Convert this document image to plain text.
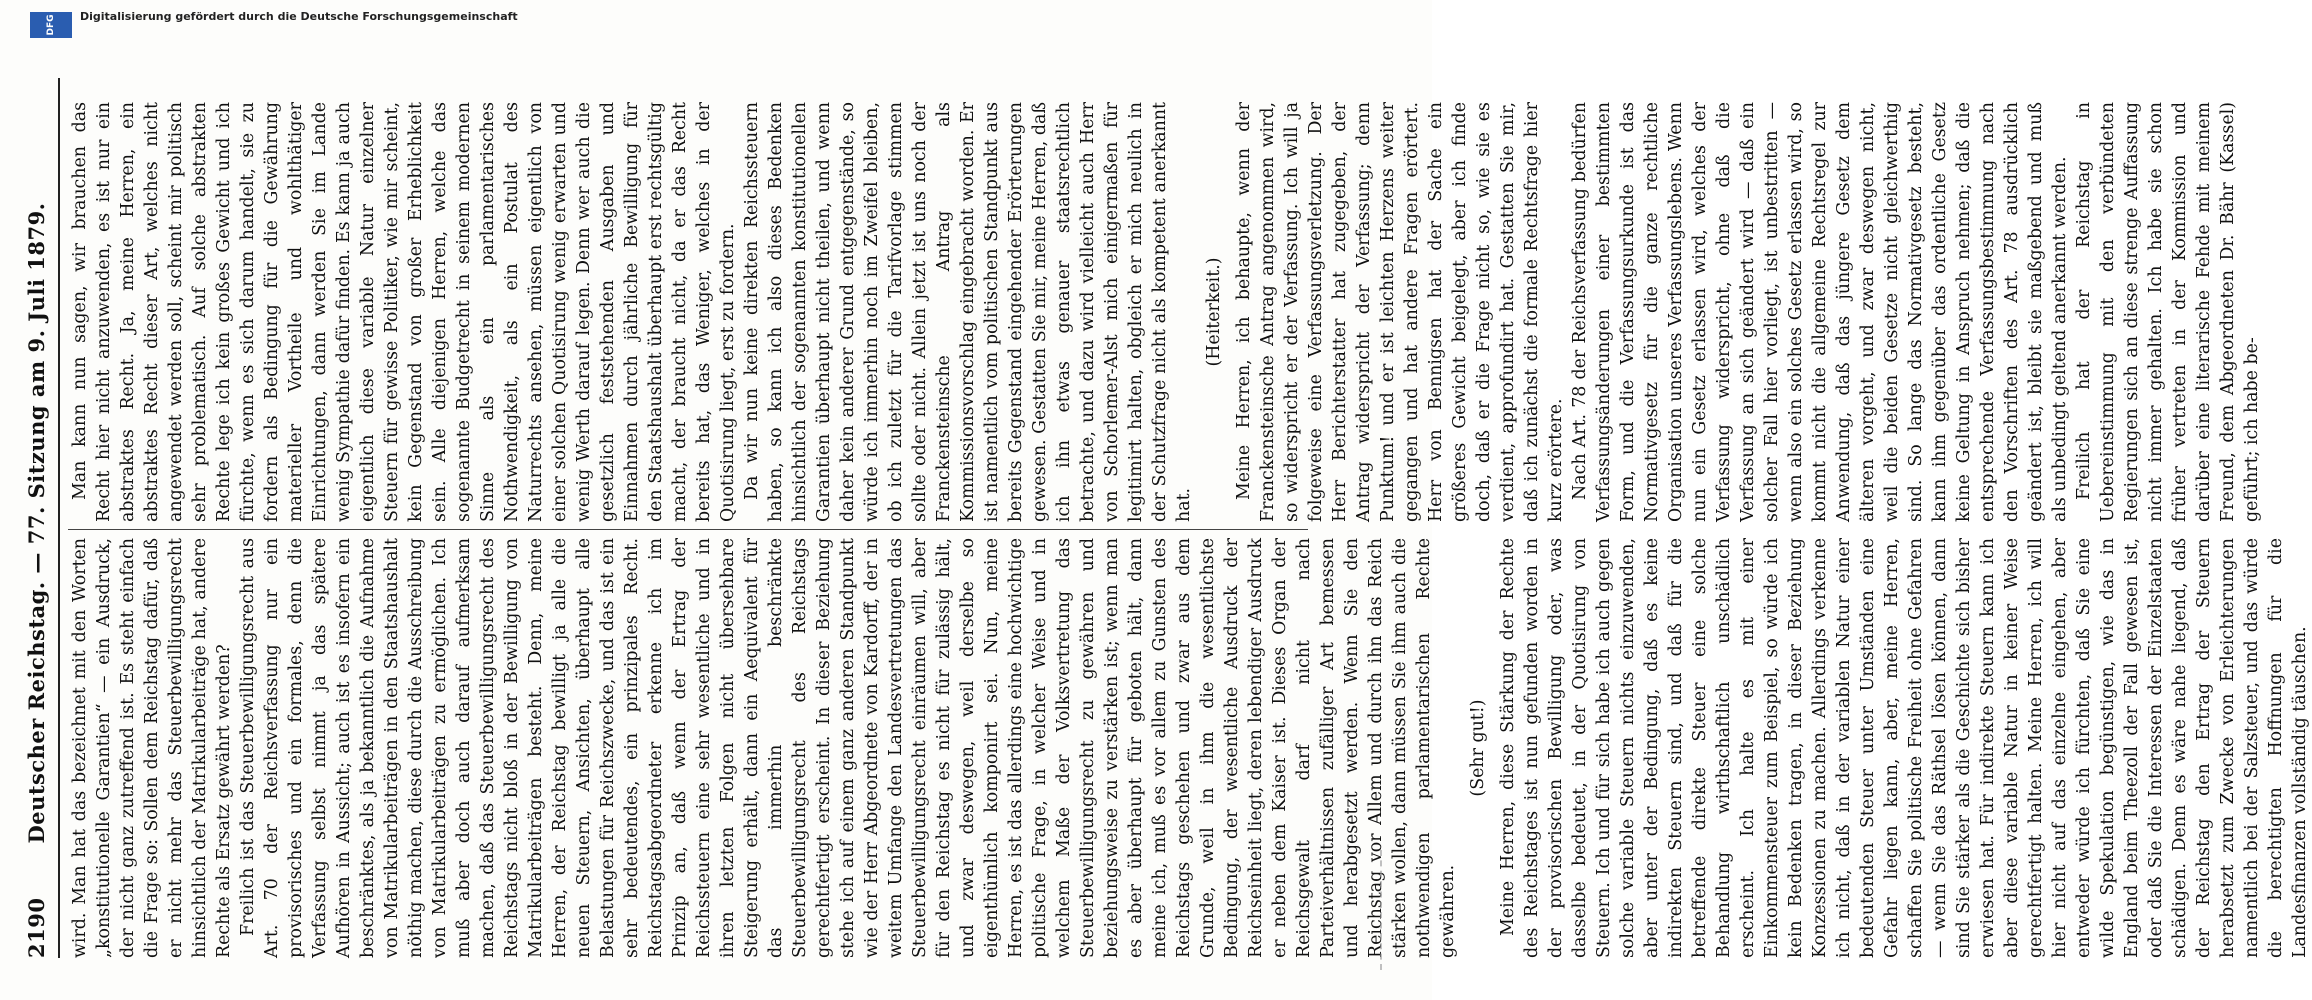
2190
Deutscher Reichstag. — 77. Sitzung am 9. Juli 1879. wird. Man hat das bezeichnet mit den Worten „konstitutionelle Garantien“ — ein Ausdruck, der nicht ganz zutreffend ist. Es steht einfach die Frage so: Sollen dem Reichstag dafür, daß er nicht mehr das Steuerbewilligungsrecht hinsichtlich der Matrikularbeiträge hat, andere Rechte als Ersatz gewährt werden? Freilich ist das Steuerbewilligungsrecht aus Art. 70 der Reichsverfassung nur ein provisorisches und ein formales, denn die Verfassung selbst nimmt ja das spätere Aufhören in Aussicht; auch ist es insofern ein beschränktes, als ja bekanntlich die Aufnahme von Matrikularbeiträgen in den Staatshaushalt nöthig machen, diese durch die Ausschreibung von Matrikularbeiträgen zu ermöglichen. Ich muß aber doch auch darauf aufmerksam machen, daß das Steuerbewilligungsrecht des Reichstags nicht bloß in der Bewilligung von Matrikularbeiträgen besteht. Denn, meine Herren, der Reichstag bewilligt ja alle die neuen Steuern, Ansichten, überhaupt alle Belastungen für Reichszwecke, und das ist ein sehr bedeutendes, ein prinzipales Recht. Reichstagsabgeordneter erkenne ich im Prinzip an, daß wenn der Ertrag der Reichssteuern eine sehr wesentliche und in ihren letzten Folgen nicht übersehbare Steigerung erhält, dann ein Aequivalent für das immerhin beschränkte Steuerbewilligungsrecht des Reichstags gerechtfertigt erscheint. In dieser Beziehung stehe ich auf einem ganz anderen Standpunkt wie der Herr Abgeordnete von Kardorff, der in weitem Umfange den Landesvertretungen das Steuerbewilligungsrecht einräumen will, aber für den Reichstag es nicht für zulässig hält, und zwar deswegen, weil derselbe so eigenthümlich komponirt sei. Nun, meine Herren, es ist das allerdings eine hochwichtige politische Frage, in welcher Weise und in welchem Maße der Volksvertretung das Steuerbewilligungsrecht zu gewähren und beziehungsweise zu verstärken ist; wenn man es aber überhaupt für geboten hält, dann meine ich, muß es vor allem zu Gunsten des Reichstags geschehen und zwar aus dem Grunde, weil in ihm die wesentlichste Bedingung, der wesentliche Ausdruck der Reichseinheit liegt, deren lebendiger Ausdruck er neben dem Kaiser ist. Dieses Organ der Reichsgewalt darf nicht nach Parteiverhältnissen zufälliger Art bemessen und herabgesetzt werden. Wenn Sie den Reichstag vor Allem und durch ihn das Reich stärken wollen, dann müssen Sie ihm auch die nothwendigen parlamentarischen Rechte gewähren.

(Sehr gut!) Meine Herren, diese Stärkung der Rechte des Reichstages ist nun gefunden worden in der provisorischen Bewilligung oder, was dasselbe bedeutet, in der Quotisirung von Steuern. Ich und für sich habe ich auch gegen solche variable Steuern nichts einzuwenden, aber unter der Bedingung, daß es keine indirekten Steuern sind, und daß für die betreffende direkte Steuer eine solche Behandlung wirthschaftlich unschädlich erscheint. Ich halte es mit einer Einkommensteuer zum Beispiel, so würde ich kein Bedenken tragen, in dieser Beziehung Konzessionen zu machen. Allerdings verkenne ich nicht, daß in der variablen Natur einer bedeutenden Steuer unter Umständen eine Gefahr liegen kann, aber, meine Herren, schaffen Sie politische Freiheit ohne Gefahren — wenn Sie das Räthsel lösen können, dann sind Sie stärker als die Geschichte sich bisher erwiesen hat. Für indirekte Steuern kann ich aber diese variable Natur in keiner Weise gerechtfertigt halten. Meine Herren, ich will hier nicht auf das einzelne eingehen, aber entweder würde ich fürchten, daß Sie eine wilde Spekulation begünstigen, wie das in England beim Theezoll der Fall gewesen ist, oder daß Sie die Interessen der Einzelstaaten schädigen. Denn es wäre nahe liegend, daß der Reichstag den Ertrag der Steuern herabsetzt zum Zwecke von Erleichterungen namentlich bei der Salzsteuer, und das würde die berechtigten Hoffnungen für die Landesfinanzen vollständig täuschen.

Man kann nun sagen, wir brauchen das Recht hier nicht anzuwenden, es ist nur ein abstraktes Recht. Ja, meine Herren, ein abstraktes Recht dieser Art, welches nicht angewendet werden soll, scheint mir politisch sehr problematisch. Auf solche abstrakten Rechte lege ich kein großes Gewicht und ich fürchte, wenn es sich darum handelt, sie zu fordern als Bedingung für die Gewährung materieller Vortheile und wohlthätiger Einrichtungen, dann werden Sie im Lande wenig Sympathie dafür finden. Es kann ja auch eigentlich diese variable Natur einzelner Steuern für gewisse Politiker, wie mir scheint, kein Gegenstand von großer Erheblichkeit sein. Alle diejenigen Herren, welche das sogenannte Budgetrecht in seinem modernen Sinne als ein parlamentarisches Nothwendigkeit, als ein Postulat des Naturrechts ansehen, müssen eigentlich von einer solchen Quotisirung wenig erwarten und wenig Werth darauf legen. Denn wer auch die gesetzlich feststehenden Ausgaben und Einnahmen durch jährliche Bewilligung für den Staatshaushalt überhaupt erst rechtsgültig macht, der braucht nicht, da er das Recht bereits hat, das Weniger, welches in der Quotisirung liegt, erst zu fordern. Da wir nun keine direkten Reichssteuern haben, so kann ich also dieses Bedenken hinsichtlich der sogenannten konstitutionellen Garantien überhaupt nicht theilen, und wenn daher kein anderer Grund entgegenstände, so würde ich immerhin noch im Zweifel bleiben, ob ich zuletzt für die Tarifvorlage stimmen sollte oder nicht. Allein jetzt ist uns noch der Franckensteinsche Antrag als Kommissionsvorschlag eingebracht worden. Er ist namentlich vom politischen Standpunkt aus bereits Gegenstand eingehender Erörterungen gewesen. Gestatten Sie mir, meine Herren, daß ich ihn etwas genauer staatsrechtlich betrachte, und dazu wird vielleicht auch Herr von Schorlemer-Alst mich einigermaßen für legitimirt halten, obgleich er mich neulich in der Schutzfrage nicht als kompetent anerkannt hat.

(Heiterkeit.) Meine Herren, ich behaupte, wenn der Franckensteinsche Antrag angenommen wird, so widerspricht er der Verfassung. Ich will ja folgeweise eine Verfassungsverletzung. Der Herr Berichterstatter hat zugegeben, der Antrag widerspricht der Verfassung; denn Punktum! und er ist leichten Herzens weiter gegangen und hat andere Fragen erörtert. Herr von Bennigsen hat der Sache ein größeres Gewicht beigelegt, aber ich finde doch, daß er die Frage nicht so, wie sie es verdient, approfundirt hat. Gestatten Sie mir, daß ich zunächst die formale Rechtsfrage hier kurz erörtere. Nach Art. 78 der Reichsverfassung bedürfen Verfassungsänderungen einer bestimmten Form, und die Verfassungsurkunde ist das Normativgesetz für die ganze rechtliche Organisation unseres Verfassungslebens. Wenn nun ein Gesetz erlassen wird, welches der Verfassung widerspricht, ohne daß die Verfassung an sich geändert wird — daß ein solcher Fall hier vorliegt, ist unbestritten — wenn also ein solches Gesetz erlassen wird, so kommt nicht die allgemeine Rechtsregel zur Anwendung, daß das jüngere Gesetz dem älteren vorgeht, und zwar deswegen nicht, weil die beiden Gesetze nicht gleichwerthig sind. So lange das Normativgesetz besteht, kann ihm gegenüber das ordentliche Gesetz keine Geltung in Anspruch nehmen; daß die entsprechende Verfassungsbestimmung nach den Vorschriften des Art. 78 ausdrücklich geändert ist, bleibt sie maßgebend und muß als unbedingt geltend anerkannt werden. Freilich hat der Reichstag in Uebereinstimmung mit den verbündeten Regierungen sich an diese strenge Auffassung nicht immer gehalten. Ich habe sie schon früher vertreten in der Kommission und darüber eine literarische Fehde mit meinem Freund, dem Abgeordneten Dr. Bähr (Kassel) geführt; ich habe be-

DFG	Digitalisierung gefördert durch die Deutsche Forschungsgemeinschaft
